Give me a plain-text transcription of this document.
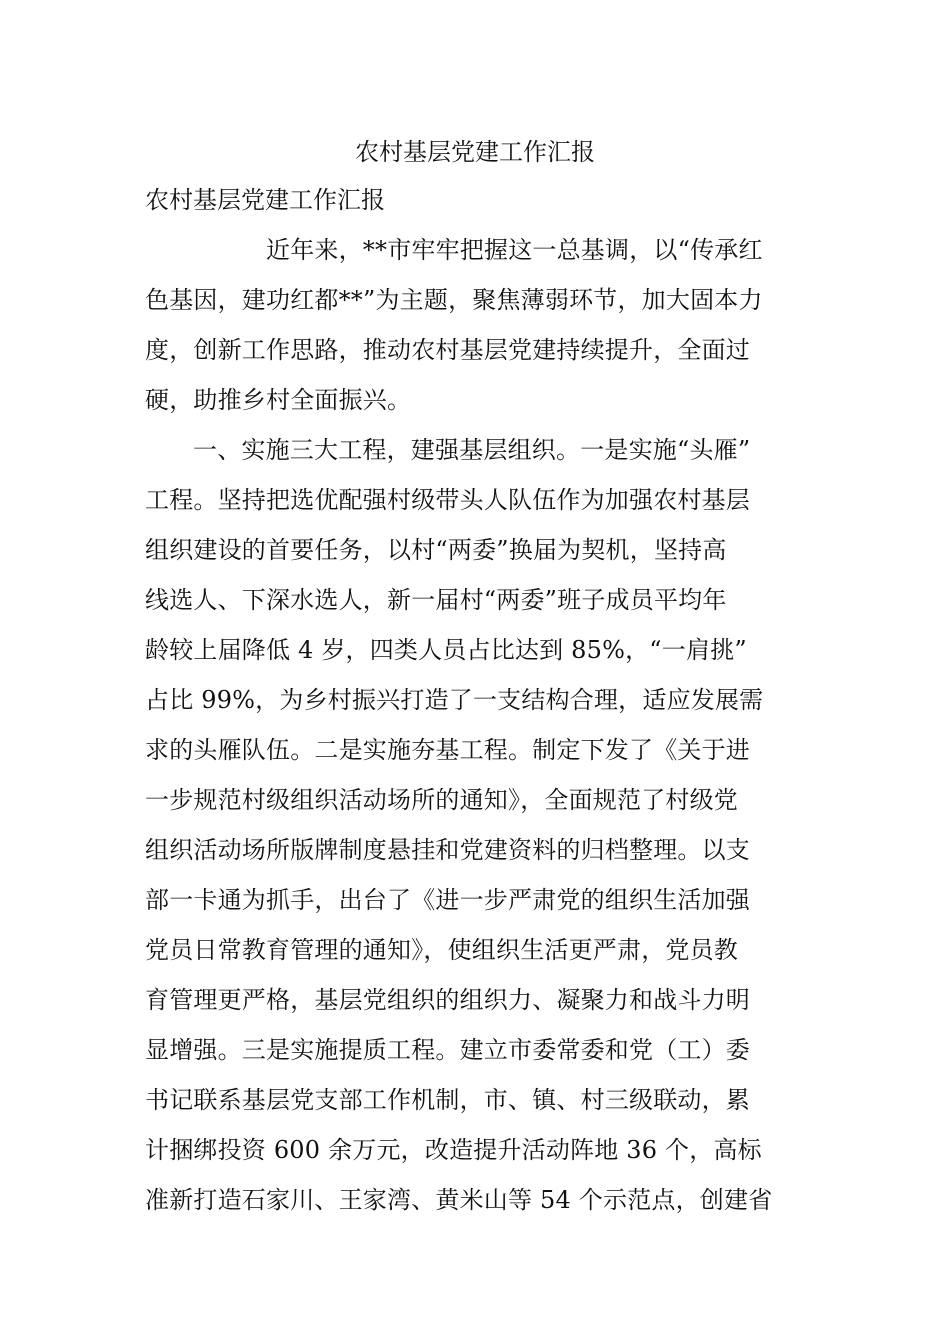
农村基层党建工作汇报
农村基层党建工作汇报
近年来，**市牢牢把握这一总基调，以“传承红
色基因，建功红都**”为主题，聚焦薄弱环节，加大固本力
度，创新工作思路，推动农村基层党建持续提升，全面过
硬，助推乡村全面振兴。
一、实施三大工程，建强基层组织。一是实施“头雁”
工程。坚持把选优配强村级带头人队伍作为加强农村基层
组织建设的首要任务，以村“两委”换届为契机，坚持高
线选人、下深水选人，新一届村“两委”班子成员平均年
龄较上届降低 4 岁，四类人员占比达到 85%，“一肩挑”
占比 99%，为乡村振兴打造了一支结构合理，适应发展需
求的头雁队伍。二是实施夯基工程。制定下发了《关于进
一步规范村级组织活动场所的通知》，全面规范了村级党
组织活动场所版牌制度悬挂和党建资料的归档整理。以支
部一卡通为抓手，出台了《进一步严肃党的组织生活加强
党员日常教育管理的通知》，使组织生活更严肃，党员教
育管理更严格，基层党组织的组织力、凝聚力和战斗力明
显增强。三是实施提质工程。建立市委常委和党（工）委
书记联系基层党支部工作机制，市、镇、村三级联动，累
计捆绑投资 600 余万元，改造提升活动阵地 36 个，高标
准新打造石家川、王家湾、黄米山等 54 个示范点，创建省
